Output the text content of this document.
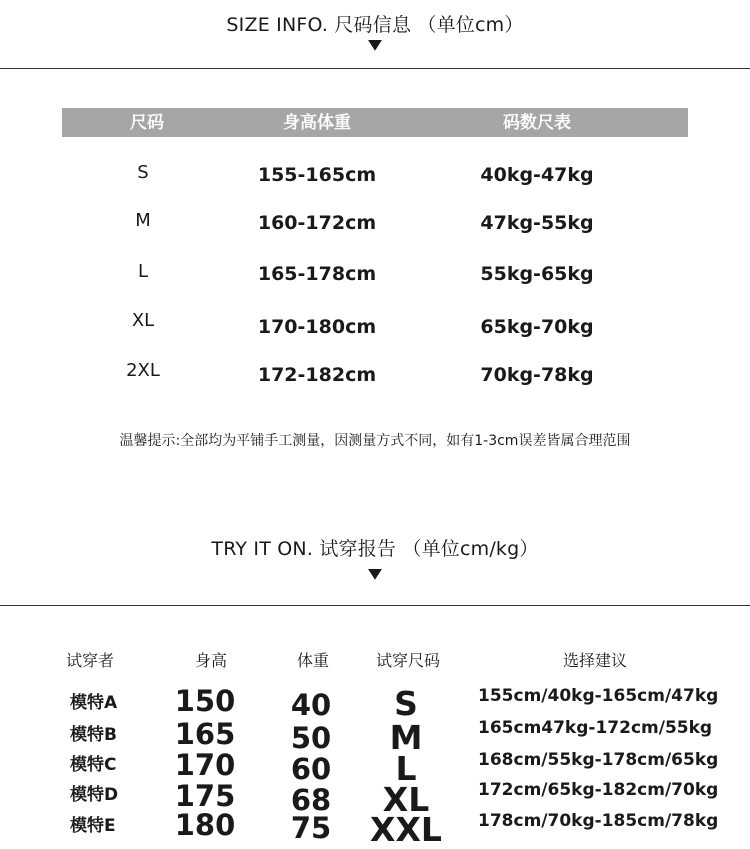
SIZE INFO. 尺码信息 （单位cm）
▼
尺码	身高体重	码数尺表
S	155-165cm	40kg-47kg
M	160-172cm	47kg-55kg
L	165-178cm	55kg-65kg
XL	170-180cm	65kg-70kg
2XL	172-182cm	70kg-78kg
温馨提示:全部均为平铺手工测量，因测量方式不同，如有1-3cm误差皆属合理范围
TRY IT ON. 试穿报告 （单位cm/kg）
▼
试穿者	身高	体重	试穿尺码	选择建议
模特A 150	40	S	155cm/40kg-165cm/47kg
模特B 165	50	M	165cm47kg-172cm/55kg
模特C 170	60	L	168cm/55kg-178cm/65kg
模特D 175	68	XL	172cm/65kg-182cm/70kg
模特E 180	75	XXL	178cm/70kg-185cm/78kg
